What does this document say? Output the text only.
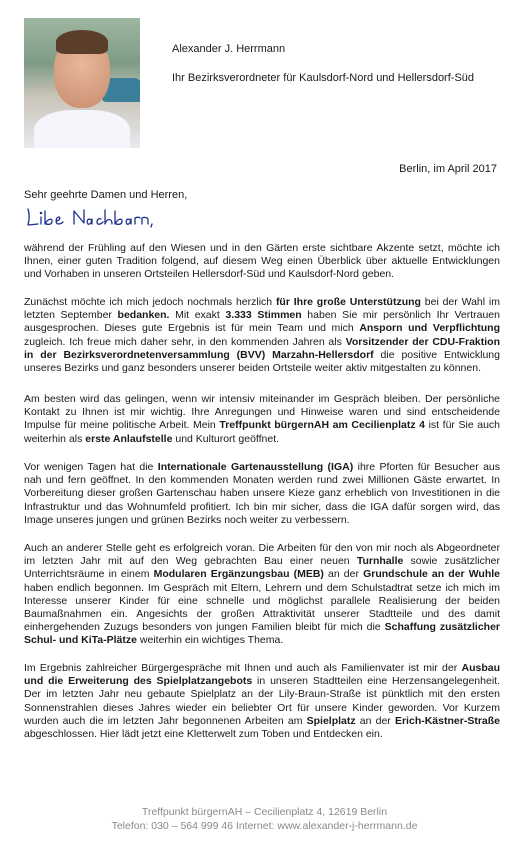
Alexander J. Herrmann
Ihr Bezirksverordneter für Kaulsdorf-Nord und Hellersdorf-Süd
Berlin, im April 2017
Sehr geehrte Damen und Herren,

während der Frühling auf den Wiesen und in den Gärten erste sichtbare Akzente setzt, möchte ich Ihnen, einer guten Tradition folgend, auf diesem Weg einen Überblick über aktuelle Entwicklungen und Vorhaben in unseren Ortsteilen Hellersdorf-Süd und Kaulsdorf-Nord geben.

Zunächst möchte ich mich jedoch nochmals herzlich für Ihre große Unterstützung bei der Wahl im letzten September bedanken. Mit exakt 3.333 Stimmen haben Sie mir persönlich Ihr Vertrauen ausgesprochen. Dieses gute Ergebnis ist für mein Team und mich Ansporn und Verpflichtung zugleich. Ich freue mich daher sehr, in den kommenden Jahren als Vorsitzender der CDU-Fraktion in der Bezirksverordnetenversammlung (BVV) Marzahn-Hellersdorf die positive Entwicklung unseres Bezirks und ganz besonders unserer beiden Ortsteile weiter aktiv mitgestalten zu können.

Am besten wird das gelingen, wenn wir intensiv miteinander im Gespräch bleiben. Der persönliche Kontakt zu Ihnen ist mir wichtig. Ihre Anregungen und Hinweise waren und sind entscheidende Impulse für meine politische Arbeit. Mein Treffpunkt bürgernAH am Cecilienplatz 4 ist für Sie auch weiterhin als erste Anlaufstelle und Kulturort geöffnet.

Vor wenigen Tagen hat die Internationale Gartenausstellung (IGA) ihre Pforten für Besucher aus nah und fern geöffnet. In den kommenden Monaten werden rund zwei Millionen Gäste erwartet. In Vorbereitung dieser großen Gartenschau haben unsere Kieze ganz erheblich von Investitionen in die Infrastruktur und das Wohnumfeld profitiert. Ich bin mir sicher, dass die IGA dafür sorgen wird, das Image unseres jungen und grünen Bezirks noch weiter zu verbessern.

Auch an anderer Stelle geht es erfolgreich voran. Die Arbeiten für den von mir noch als Abgeordneter im letzten Jahr mit auf den Weg gebrachten Bau einer neuen Turnhalle sowie zusätzlicher Unterrichtsräume in einem Modularen Ergänzungsbau (MEB) an der Grundschule an der Wuhle haben endlich begonnen. Im Gespräch mit Eltern, Lehrern und dem Schulstadtrat setze ich mich im Interesse unserer Kinder für eine schnelle und möglichst parallele Realisierung der beiden Baumaßnahmen ein. Angesichts der großen Attraktivität unserer Stadtteile und des damit einhergehenden Zuzugs besonders von jungen Familien bleibt für mich die Schaffung zusätzlicher Schul- und KiTa-Plätze weiterhin ein wichtiges Thema.

Im Ergebnis zahlreicher Bürgergespräche mit Ihnen und auch als Familienvater ist mir der Ausbau und die Erweiterung des Spielplatzangebots in unseren Stadtteilen eine Herzensangelegenheit. Der im letzten Jahr neu gebaute Spielplatz an der Lily-Braun-Straße ist pünktlich mit den ersten Sonnenstrahlen dieses Jahres wieder ein beliebter Ort für unsere Kinder geworden. Vor Kurzem wurden auch die im letzten Jahr begonnenen Arbeiten am Spielplatz an der Erich-Kästner-Straße abgeschlossen. Hier lädt jetzt eine Kletterwelt zum Toben und Entdecken ein.

Treffpunkt bürgernAH – Cecilienplatz 4, 12619 Berlin
Telefon: 030 – 564 999 46 Internet: www.alexander-j-herrmann.de
